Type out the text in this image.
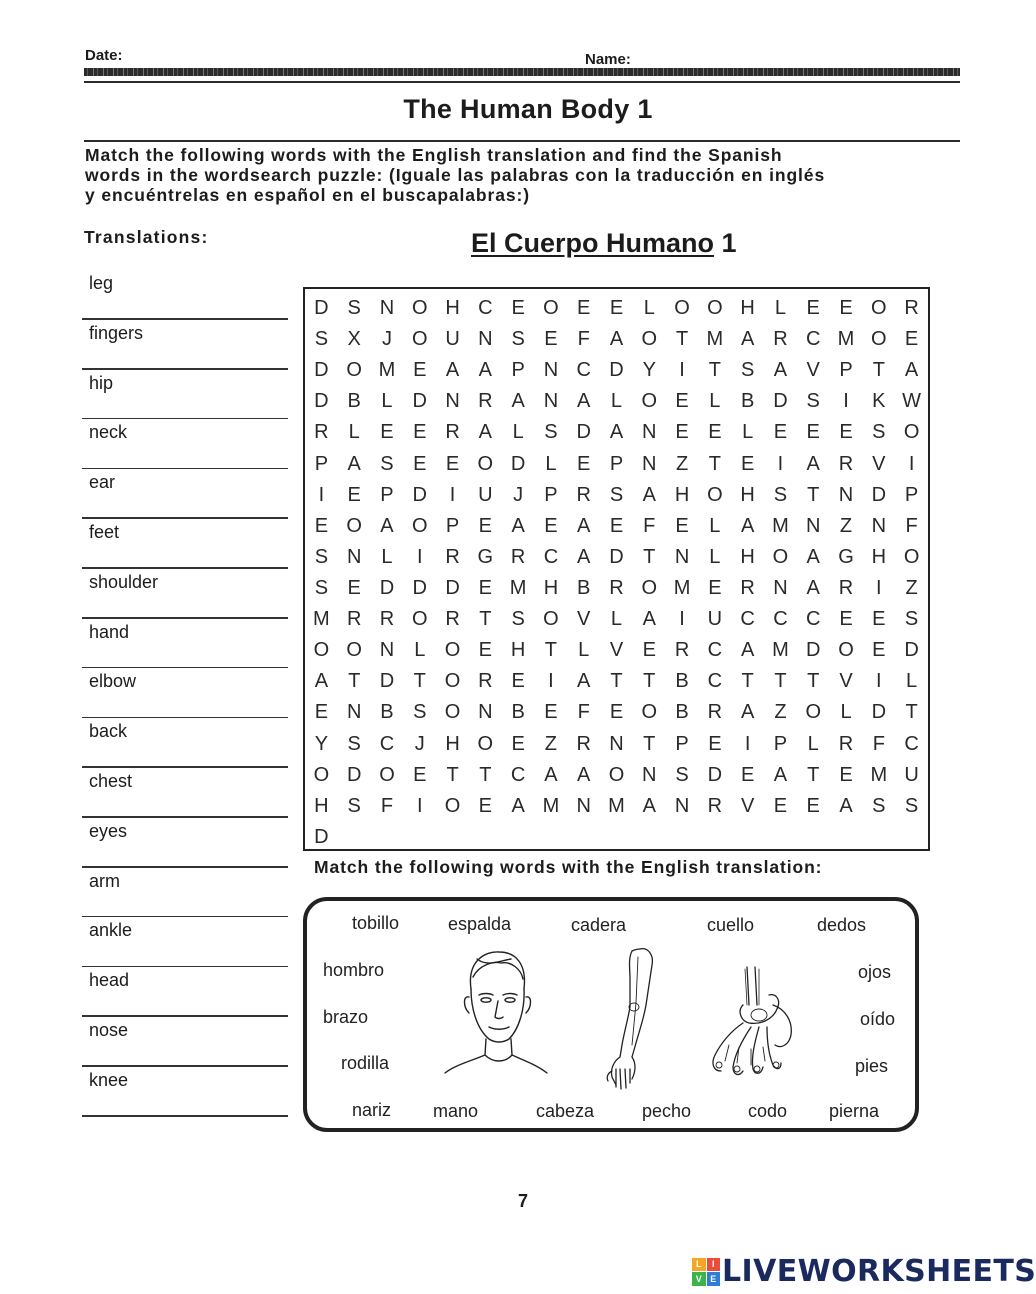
Date:	Name:
The Human Body 1
Match the following words with the English translation and find the Spanish
words in the wordsearch puzzle: (Iguale las palabras con la traducción en inglés
y encuéntrelas en español en el buscapalabras:)
Translations:	El Cuerpo Humano 1
leg
fingers
hip
neck
ear
feet
shoulder
hand
elbow
back
chest
eyes
arm
ankle
head
nose
knee
D S N O H C E O E E	L O O H	L	E E O R
S X	J	O U N S E	F	A O T M A R C M O E
D O M E A A P N C D Y	I	T	S A V P	T	A
D B	L	D N R A N A	L O E	L	B D S	I	K W
R	L	E E R A	L	S D A N E E	L	E E E S O
P A S E E O D	L	E P N Z	T	E	I	A R V	I
I	E P D	I	U	J	P R S A H O H S	T N D P
E O A O P E A E A E	F	E	L	A M N Z N F
S N	L	I	R G R C A D T N	L	H O A G H O
S E D D D E M H B R O M E R N A R	I	Z
M R R O R T	S O V	L	A	I	U C C C E E S
O O N	L O E H T	L	V E R C A M D O E D
A	T D T O R E	I	A	T	T	B C T	T	T	V	I	L
E N B S O N B E	F	E O B R A	Z O L	D T
Y S C	J	H O E	Z R N T	P E	I	P	L	R F C
O D O E	T	T C A A O N S D E A	T	E M U
H S	F	I	O E A M N M A N R V E E A S S
D
Match the following words with the English translation:
tobillo	espalda	cadera	cuello	dedos
hombro
brazo
rodilla
ojos
oído
pies
nariz mano	cabeza	pecho	codo pierna
7
L	I
V E LIVEWORKSHEETS
